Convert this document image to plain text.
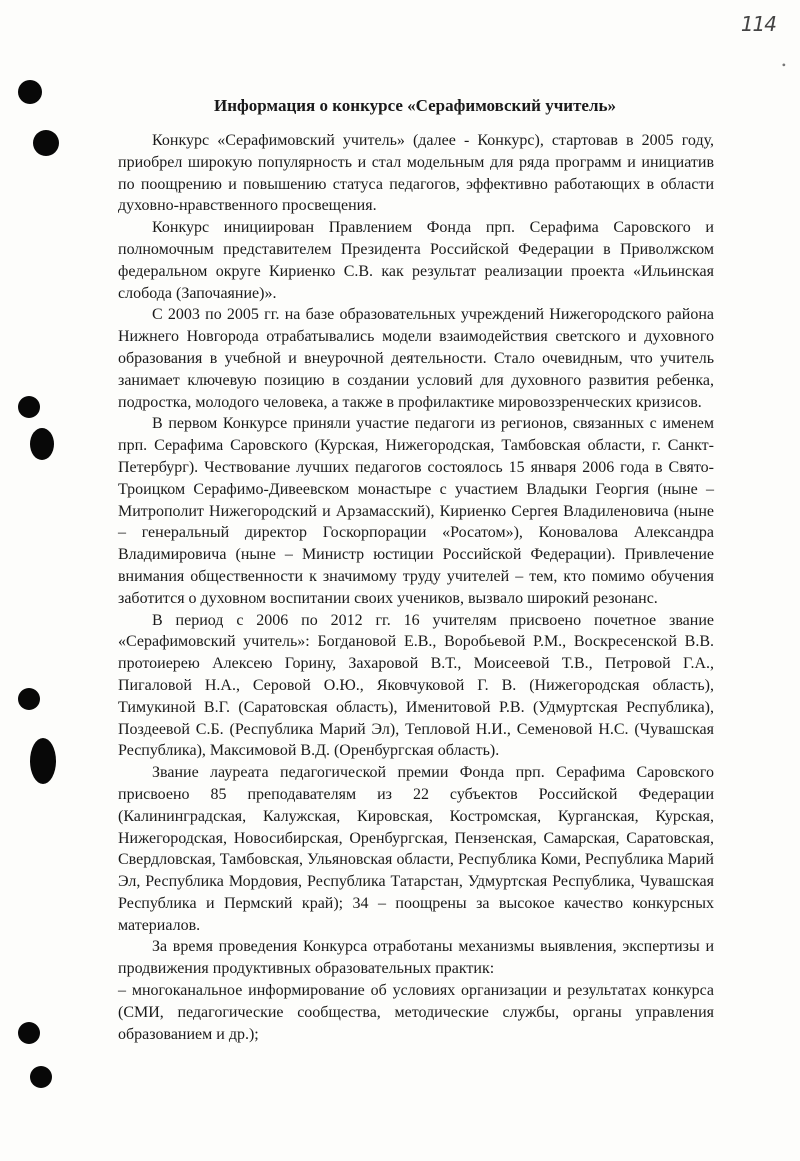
114
•
Информация о конкурсе «Серафимовский учитель»

Конкурс «Серафимовский учитель» (далее - Конкурс), стартовав в 2005 году, приобрел широкую популярность и стал модельным для ряда программ и инициатив по поощрению и повышению статуса педагогов, эффективно работающих в области духовно-нравственного просвещения.

Конкурс инициирован Правлением Фонда прп. Серафима Саровского и полномочным представителем Президента Российской Федерации в Приволжском федеральном округе Кириенко С.В. как результат реализации проекта «Ильинская слобода (Започаяние)».

С 2003 по 2005 гг. на базе образовательных учреждений Нижегородского района Нижнего Новгорода отрабатывались модели взаимодействия светского и духовного образования в учебной и внеурочной деятельности. Стало очевидным, что учитель занимает ключевую позицию в создании условий для духовного развития ребенка, подростка, молодого человека, а также в профилактике мировоззренческих кризисов.

В первом Конкурсе приняли участие педагоги из регионов, связанных с именем прп. Серафима Саровского (Курская, Нижегородская, Тамбовская области, г. Санкт-Петербург). Чествование лучших педагогов состоялось 15 января 2006 года в Свято-Троицком Серафимо-Дивеевском монастыре с участием Владыки Георгия (ныне – Митрополит Нижегородский и Арзамасский), Кириенко Сергея Владиленовича (ныне – генеральный директор Госкорпорации «Росатом»), Коновалова Александра Владимировича (ныне – Министр юстиции Российской Федерации). Привлечение внимания общественности к значимому труду учителей – тем, кто помимо обучения заботится о духовном воспитании своих учеников, вызвало широкий резонанс.

В период с 2006 по 2012 гг. 16 учителям присвоено почетное звание «Серафимовский учитель»: Богдановой Е.В., Воробьевой Р.М., Воскресенской В.В. протоиерею Алексею Горину, Захаровой В.Т., Моисеевой Т.В., Петровой Г.А., Пигаловой Н.А., Серовой О.Ю., Яковчуковой Г. В. (Нижегородская область), Тимукиной В.Г. (Саратовская область), Именитовой Р.В. (Удмуртская Республика), Поздеевой С.Б. (Республика Марий Эл), Тепловой Н.И., Семеновой Н.С. (Чувашская Республика), Максимовой В.Д. (Оренбургская область).

Звание лауреата педагогической премии Фонда прп. Серафима Саровского присвоено 85 преподавателям из 22 субъектов Российской Федерации (Калининградская, Калужская, Кировская, Костромская, Курганская, Курская, Нижегородская, Новосибирская, Оренбургская, Пензенская, Самарская, Саратовская, Свердловская, Тамбовская, Ульяновская области, Республика Коми, Республика Марий Эл, Республика Мордовия, Республика Татарстан, Удмуртская Республика, Чувашская Республика и Пермский край); 34 – поощрены за высокое качество конкурсных материалов.

За время проведения Конкурса отработаны механизмы выявления, экспертизы и продвижения продуктивных образовательных практик:

– многоканальное информирование об условиях организации и результатах конкурса (СМИ, педагогические сообщества, методические службы, органы управления образованием и др.);
